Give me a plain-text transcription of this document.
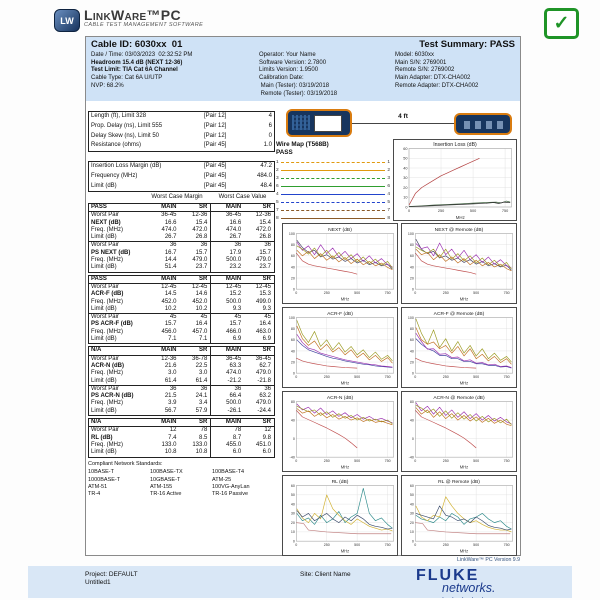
LW LinkWare™PC
CABLE TEST MANAGEMENT SOFTWARE	✓
Cable ID: 6030xx  01	Test Summary: PASS
Date / Time: 03/03/2023  02:32:52 PM
Headroom 15.4 dB (NEXT 12-36)
Test Limit: TIA Cat 6A Channel
Cable Type: Cat 6A U/UTP
NVP: 68.2%
Operator: Your Name
Software Version: 2.7800
Limits Version: 1.9500
Calibration Date:
Main (Tester): 03/19/2018
Remote (Tester): 03/19/2018
Model: 6030xx
Main S/N: 2769001
Remote S/N: 2769002
Main Adapter: DTX-CHA002
Remote Adapter: DTX-CHA002
Length (ft), Limit 328	[Pair 12]	4
Prop. Delay (ns), Limit 555	[Pair 12]	6
Delay Skew (ns), Limit 50	[Pair 12]	0
Resistance (ohms)	[Pair 45]	1.0
Insertion Loss Margin (dB)	[Pair 45]	47.2
Frequency (MHz)	[Pair 45]	484.0
Limit (dB)	[Pair 45]	48.4
Worst Case Margin	Worst Case Value
PASS	MAIN	SR	MAIN	SR
Worst Pair	36-45	12-36	36-45	12-36
NEXT (dB)	16.6	15.4	16.6	15.4
Freq. (MHz)	474.0	472.0	474.0	472.0
Limit (dB)	26.7	26.8	26.7	26.8
Worst Pair	36	36	36	36
PS NEXT (dB)	16.7	15.7	17.9	15.7
Freq. (MHz)	14.4	479.0	500.0	479.0
Limit (dB)	51.4	23.7	23.2	23.7
PASS	MAIN	SR	MAIN	SR
Worst Pair	12-45	12-45	12-45	12-45
ACR-F (dB)	14.5	14.6	15.2	15.3
Freq. (MHz)	452.0	452.0	500.0	499.0
Limit (dB)	10.2	10.2	9.3	9.3
Worst Pair	45	45	45	45
PS ACR-F (dB)	15.7	16.4	15.7	16.4
Freq. (MHz)	456.0	457.0	466.0	463.0
Limit (dB)	7.1	7.1	6.9	6.9
N/A	MAIN	SR	MAIN	SR
Worst Pair	12-36	36-78	36-45	36-45
ACR-N (dB)	21.6	22.5	63.3	62.7
Freq. (MHz)	3.0	3.0	474.0	479.0
Limit (dB)	61.4	61.4	-21.2	-21.8
Worst Pair	36	36	36	36
PS ACR-N (dB)	21.5	24.1	66.4	63.2
Freq. (MHz)	3.9	3.4	500.0	479.0
Limit (dB)	56.7	57.9	-26.1	-24.4
N/A	MAIN	SR	MAIN	SR
Worst Pair	12	78	78	12
RL (dB)	7.4	8.5	8.7	9.8
Freq. (MHz)	133.0	133.0	455.0	451.0
Limit (dB)	10.8	10.8	6.0	6.0
Compliant Network Standards:
10BASE-T	100BASE-TX	100BASE-T4
1000BASE-T	10GBASE-T	ATM-25
ATM-51	ATM-155	100VG-AnyLan
TR-4	TR-16 Active	TR-16 Passive
4 ft
Wire Map (T568B)
PASS
1	1
2	2
3	3
6	6
4	4
5	5
7	7
8	8
Insertion Loss (dB)
0
10
20
30
40
50
60
0	250	500	750
MHz
NEXT (dB)
0
20
40
60
80
100
0	250	500	750
MHz
NEXT @ Remote (dB)
0
20
40
60
80
100
0	250	500	750
MHz
ACR-F (dB)
0
20
40
60
80
100
0	250	500	750
MHz
ACR-F @ Remote (dB)
0
20
40
60
80
100
0	250	500	750
MHz
ACR-N (dB)
-40
0
40
80
0	250	500	750
MHz
ACR-N @ Remote (dB)
-40
0
40
80
0	250	500	750
MHz
RL (dB)
0
10
20
30
40
50
60
0	250	500	750
MHz
RL @ Remote (dB)
0
10
20
30
40
50
60
0	250	500	750
MHz
LinkWare™ PC Version 9.9
Project: DEFAULT
Untitled1
Site: Client Name	FLUKE
networks.
. . . . .
